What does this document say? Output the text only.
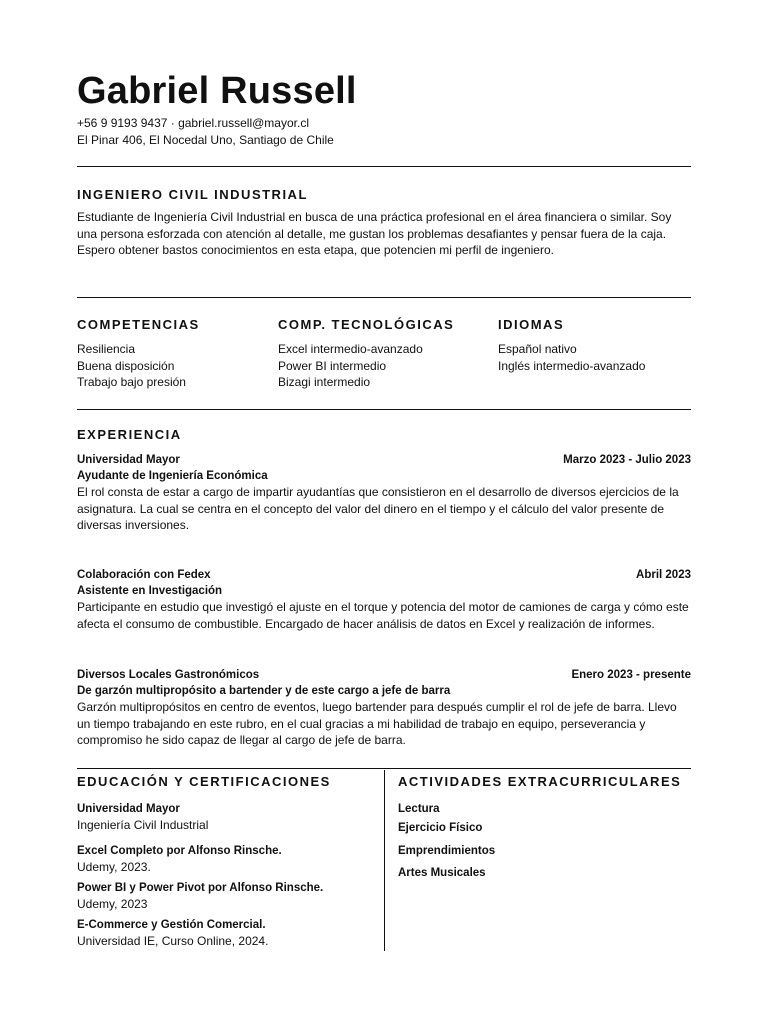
Gabriel Russell
+56 9 9193 9437 · gabriel.russell@mayor.cl
El Pinar 406, El Nocedal Uno, Santiago de Chile
INGENIERO CIVIL INDUSTRIAL
Estudiante de Ingeniería Civil Industrial en busca de una práctica profesional en el área financiera o similar. Soy una persona esforzada con atención al detalle, me gustan los problemas desafiantes y pensar fuera de la caja. Espero obtener bastos conocimientos en esta etapa, que potencien mi perfil de ingeniero.
COMPETENCIAS
Resiliencia
Buena disposición
Trabajo bajo presión
COMP. TECNOLÓGICAS
Excel intermedio-avanzado
Power BI intermedio
Bizagi intermedio
IDIOMAS
Español nativo
Inglés intermedio-avanzado
EXPERIENCIA
Universidad Mayor	Marzo 2023 - Julio 2023
Ayudante de Ingeniería Económica
El rol consta de estar a cargo de impartir ayudantías que consistieron en el desarrollo de diversos ejercicios de la asignatura. La cual se centra en el concepto del valor del dinero en el tiempo y el cálculo del valor presente de diversas inversiones.
Colaboración con Fedex	Abril 2023
Asistente en Investigación
Participante en estudio que investigó el ajuste en el torque y potencia del motor de camiones de carga y cómo este afecta el consumo de combustible. Encargado de hacer análisis de datos en Excel y realización de informes.
Diversos Locales Gastronómicos	Enero 2023 - presente
De garzón multipropósito a bartender y de este cargo a jefe de barra
Garzón multipropósitos en centro de eventos, luego bartender para después cumplir el rol de jefe de barra. Llevo un tiempo trabajando en este rubro, en el cual gracias a mi habilidad de trabajo en equipo, perseverancia y compromiso he sido capaz de llegar al cargo de jefe de barra.
EDUCACIÓN Y CERTIFICACIONES
Universidad Mayor
Ingeniería Civil Industrial
Excel Completo por Alfonso Rinsche.
Udemy, 2023.
Power BI y Power Pivot por Alfonso Rinsche.
Udemy, 2023
E-Commerce y Gestión Comercial.
Universidad IE, Curso Online, 2024.
ACTIVIDADES EXTRACURRICULARES
Lectura
Ejercicio Físico
Emprendimientos
Artes Musicales
